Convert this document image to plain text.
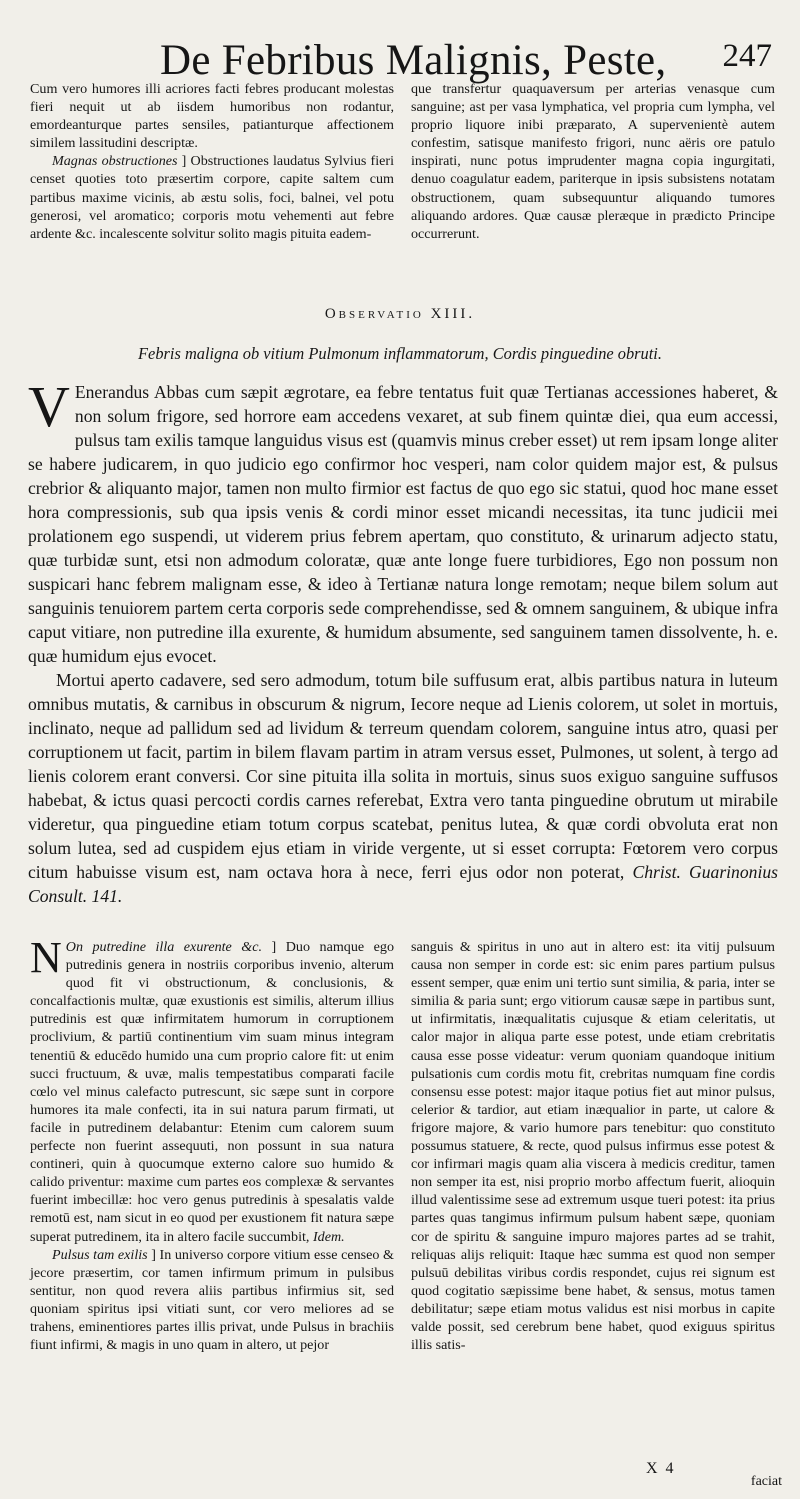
De Febribus Malignis, Peste, 247

Cum vero humores illi acriores facti febres producant molestas fieri nequit ut ab iisdem humoribus non rodantur, emordeanturque partes sensiles, patianturque affectionem similem lassitudini descriptæ.

Magnas obstructiones ] Obstructiones laudatus Sylvius fieri censet quoties toto præsertim corpore, capite saltem cum partibus maxime vicinis, ab æstu solis, foci, balnei, vel potu generosi, vel aromatico; corporis motu vehementi aut febre ardente &c. incalescente solvitur solito magis pituita eadem-

que transfertur quaquaversum per arterias venasque cum sanguine; ast per vasa lymphatica, vel propria cum lympha, vel proprio liquore inibi præparato, A supervenientè autem confestim, satisque manifesto frigori, nunc aëris ore patulo inspirati, nunc potus imprudenter magna copia ingurgitati, denuo coagulatur eadem, pariterque in ipsis subsistens notatam obstructionem, quam subsequuntur aliquando tumores aliquando ardores. Quæ causæ pleræque in prædicto Principe occurrerunt.

Observatio XIII.
Febris maligna ob vitium Pulmonum inflammatorum, Cordis pinguedine obruti.

V Enerandus Abbas cum sæpit ægrotare, ea febre tentatus fuit quæ Tertianas accessiones haberet, & non solum frigore, sed horrore eam accedens vexaret, at sub finem quintæ diei, qua eum accessi, pulsus tam exilis tamque languidus visus est (quamvis minus creber esset) ut rem ipsam longe aliter se habere judicarem, in quo judicio ego confirmor hoc vesperi, nam color quidem major est, & pulsus crebrior & aliquanto major, tamen non multo firmior est factus de quo ego sic statui, quod hoc mane esset hora compressionis, sub qua ipsis venis & cordi minor esset micandi necessitas, ita tunc judicii mei prolationem ego suspendi, ut viderem prius febrem apertam, quo constituto, & urinarum adjecto statu, quæ turbidæ sunt, etsi non admodum coloratæ, quæ ante longe fuere turbidiores, Ego non possum non suspicari hanc febrem malignam esse, & ideo à Tertianæ natura longe remotam; neque bilem solum aut sanguinis tenuiorem partem certa corporis sede comprehendisse, sed & omnem sanguinem, & ubique infra caput vitiare, non putredine illa exurente, & humidum absumente, sed sanguinem tamen dissolvente, h. e. quæ humidum ejus evocet.

Mortui aperto cadavere, sed sero admodum, totum bile suffusum erat, albis partibus natura in luteum omnibus mutatis, & carnibus in obscurum & nigrum, Iecore neque ad Lienis colorem, ut solet in mortuis, inclinato, neque ad pallidum sed ad lividum & terreum quendam colorem, sanguine intus atro, quasi per corruptionem ut facit, partim in bilem flavam partim in atram versus esset, Pulmones, ut solent, à tergo ad lienis colorem erant conversi. Cor sine pituita illa solita in mortuis, sinus suos exiguo sanguine suffusos habebat, & ictus quasi percocti cordis carnes referebat, Extra vero tanta pinguedine obrutum ut mirabile videretur, qua pinguedine etiam totum corpus scatebat, penitus lutea, & quæ cordi obvoluta erat non solum lutea, sed ad cuspidem ejus etiam in viride vergente, ut si esset corrupta: Fœtorem vero corpus citum habuisse visum est, nam octava hora à nece, ferri ejus odor non poterat, Christ. Guarinonius Consult. 141.

N On putredine illa exurente &c. ] Duo namque ego putredinis genera in nostriis corporibus invenio, alterum quod fit vi obstructionum, & conclusionis, & concalfactionis multæ, quæ exustionis est similis, alterum illius putredinis est quæ infirmitatem humorum in corruptionem proclivium, & partiū continentium vim suam minus integram tenentiū & educēdo humido una cum proprio calore fit: ut enim succi fructuum, & uvæ, malis tempestatibus comparati facile cœlo vel minus calefacto putrescunt, sic sæpe sunt in corpore humores ita male confecti, ita in sui natura parum firmati, ut facile in putredinem delabantur: Etenim cum calorem suum perfecte non fuerint assequuti, non possunt in sua natura contineri, quin à quocumque externo calore suo humido & calido priventur: maxime cum partes eos complexæ & servantes fuerint imbecillæ: hoc vero genus putredinis à spesalatis valde remotū est, nam sicut in eo quod per exustionem fit natura sæpe superat putredinem, ita in altero facile succumbit, Idem.

Pulsus tam exilis ] In universo corpore vitium esse censeo & jecore præsertim, cor tamen infirmum primum in pulsibus sentitur, non quod revera aliis partibus infirmius sit, sed quoniam spiritus ipsi vitiati sunt, cor vero meliores ad se trahens, eminentiores partes illis privat, unde Pulsus in brachiis fiunt infirmi, & magis in uno quam in altero, ut pejor

sanguis & spiritus in uno aut in altero est: ita vitij pulsuum causa non semper in corde est: sic enim pares partium pulsus essent semper, quæ enim uni tertio sunt similia, & paria, inter se similia & paria sunt; ergo vitiorum causæ sæpe in partibus sunt, ut infirmitatis, inæqualitatis cujusque & etiam celeritatis, ut calor major in aliqua parte esse potest, unde etiam crebritatis causa esse posse videatur: verum quoniam quandoque initium pulsationis cum cordis motu fit, crebritas numquam fine cordis consensu esse potest: major itaque potius fiet aut minor pulsus, celerior & tardior, aut etiam inæqualior in parte, ut calore & frigore majore, & vario humore pars tenebitur: quo constituto possumus statuere, & recte, quod pulsus infirmus esse potest & cor infirmari magis quam alia viscera à medicis creditur, tamen non semper ita est, nisi proprio morbo affectum fuerit, alioquin illud valentissime sese ad extremum usque tueri potest: ita prius partes quas tangimus infirmum pulsum habent sæpe, quoniam cor de spiritu & sanguine impuro majores partes ad se trahit, reliquas alijs reliquit: Itaque hæc summa est quod non semper pulsuū debilitas viribus cordis respondet, cujus rei signum est quod cogitatio sæpissime bene habet, & sensus, motus tamen debilitatur; sæpe etiam motus validus est nisi morbus in capite valde possit, sed cerebrum bene habet, quod exiguus spiritus illis satis-

X 4
faciat
